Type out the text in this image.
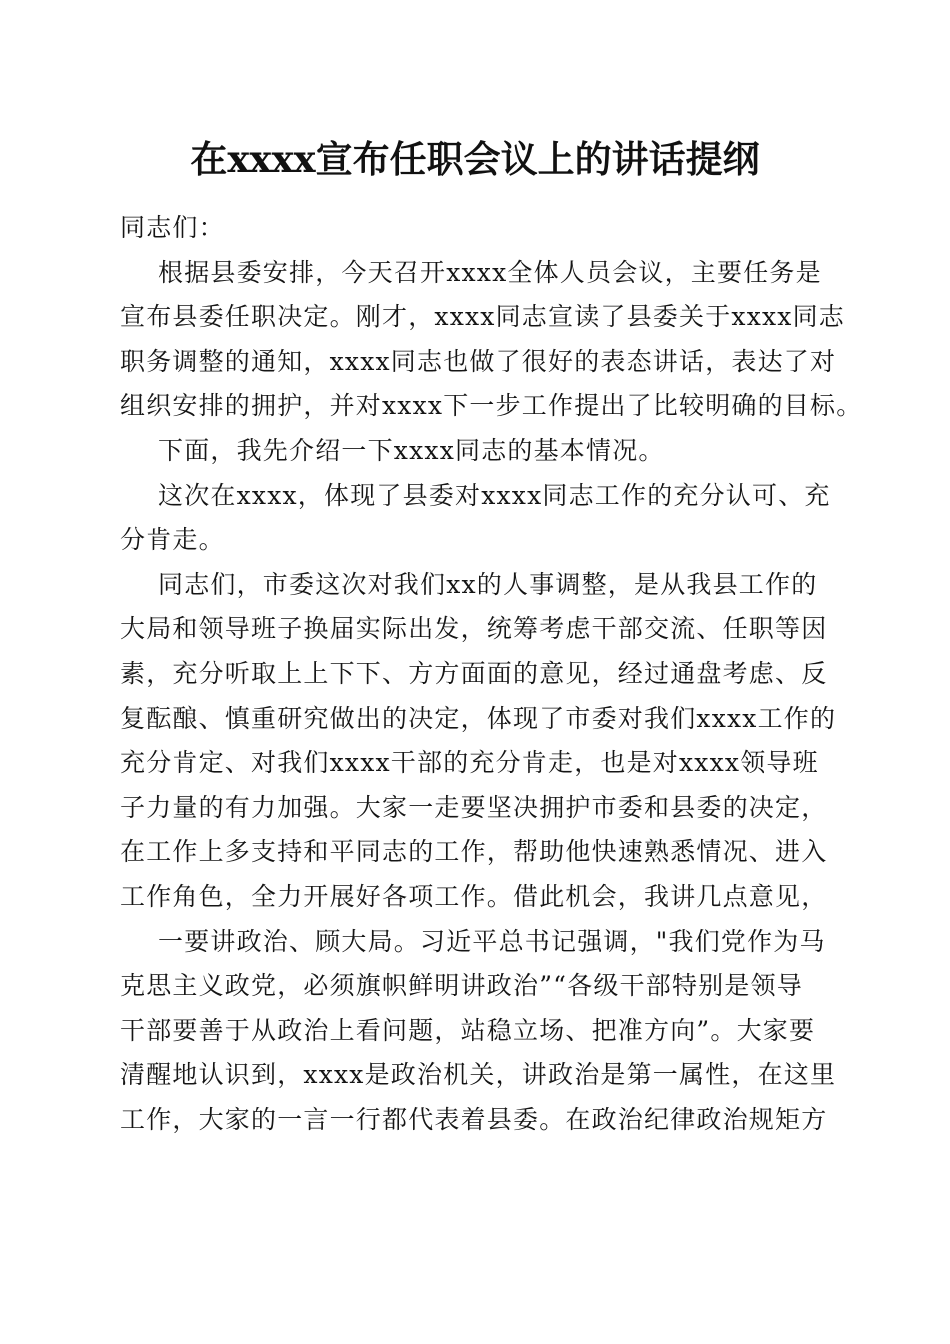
在xxxx宣布任职会议上的讲话提纲
同志们：
根据县委安排，今天召开xxxx全体人员会议，主要任务是
宣布县委任职决定。刚才，xxxx同志宣读了县委关于xxxx同志
职务调整的通知，xxxx同志也做了很好的表态讲话，表达了对
组织安排的拥护，并对xxxx下一步工作提出了比较明确的目标。
下面，我先介绍一下xxxx同志的基本情况。
这次在xxxx，体现了县委对xxxx同志工作的充分认可、充
分肯走。
同志们，市委这次对我们xx的人事调整，是从我县工作的
大局和领导班子换届实际出发，统筹考虑干部交流、任职等因
素，充分听取上上下下、方方面面的意见，经过通盘考虑、反
复酝酿、慎重研究做出的决定，体现了市委对我们xxxx工作的
充分肯定、对我们xxxx干部的充分肯走，也是对xxxx领导班
子力量的有力加强。大家一走要坚决拥护市委和县委的决定，
在工作上多支持和平同志的工作，帮助他快速熟悉情况、进入
工作角色，全力开展好各项工作。借此机会，我讲几点意见，
一要讲政治、顾大局。习近平总书记强调，"我们党作为马
克思主义政党，必须旗帜鲜明讲政治”“各级干部特别是领导
干部要善于从政治上看问题，站稳立场、把准方向”。大家要
清醒地认识到，xxxx是政治机关，讲政治是第一属性，在这里
工作，大家的一言一行都代表着县委。在政治纪律政治规矩方
